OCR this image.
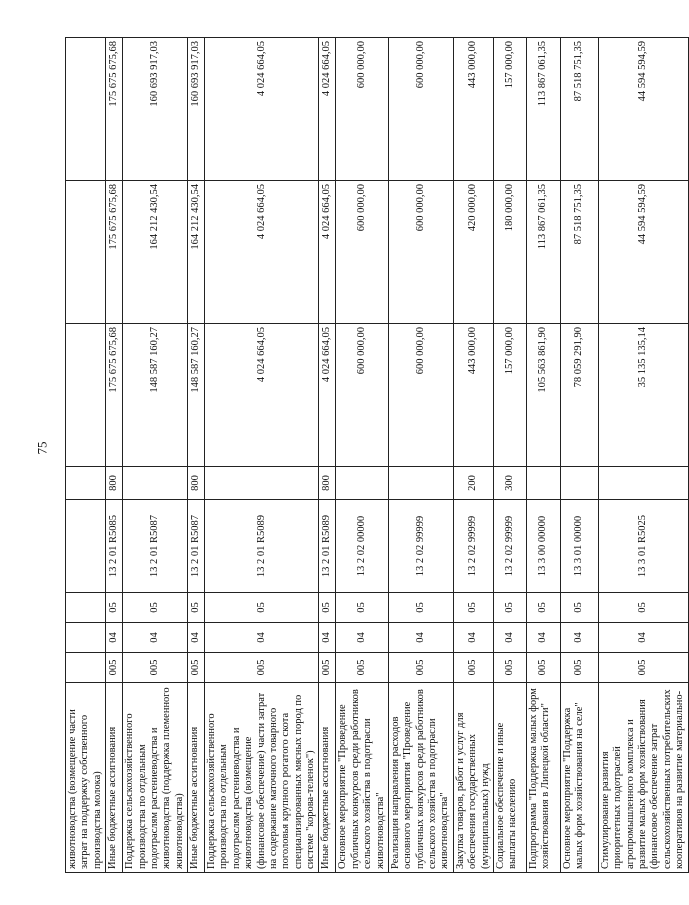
75
животноводства (возмещение части затрат на поддержку собственного производства молока)								
Иные бюджетные ассигнования	005	04	05	13 2 01 R5085	800	175 675 675,68	175 675 675,68	175 675 675,68
Поддержка сельскохозяйственного производства по отдельным подотраслям растениеводства и животноводства (поддержка племенного животноводства)	005	04	05	13 2 01 R5087		148 587 160,27	164 212 430,54	160 693 917,03
Иные бюджетные ассигнования	005	04	05	13 2 01 R5087	800	148 587 160,27	164 212 430,54	160 693 917,03
Поддержка сельскохозяйственного производства по отдельным подотраслям растениеводства и животноводства (возмещение (финансовое обеспечение) части затрат на содержание маточного товарного поголовья крупного рогатого скота специализированных мясных пород по системе "корова-теленок")	005	04	05	13 2 01 R5089		4 024 664,05	4 024 664,05	4 024 664,05
Иные бюджетные ассигнования	005	04	05	13 2 01 R5089	800	4 024 664,05	4 024 664,05	4 024 664,05
Основное мероприятие "Проведение публичных конкурсов среди работников сельского хозяйства в подотрасли животноводства"	005	04	05	13 2 02 00000		600 000,00	600 000,00	600 000,00
Реализация направления расходов основного мероприятия "Проведение публичных конкурсов среди работников сельского хозяйства в подотрасли животноводства"	005	04	05	13 2 02 99999		600 000,00	600 000,00	600 000,00
Закупка товаров, работ и услуг для обеспечения государственных (муниципальных) нужд	005	04	05	13 2 02 99999	200	443 000,00	420 000,00	443 000,00
Социальное обеспечение и иные выплаты населению	005	04	05	13 2 02 99999	300	157 000,00	180 000,00	157 000,00
Подпрограмма "Поддержка малых форм хозяйствования в Липецкой области"	005	04	05	13 3 00 00000		105 563 861,90	113 867 061,35	113 867 061,35
Основное мероприятие "Поддержка малых форм хозяйствования на селе"	005	04	05	13 3 01 00000		78 059 291,90	87 518 751,35	87 518 751,35
Стимулирование развития приоритетных подотраслей агропромышленного комплекса и развитие малых форм хозяйствования (финансовое обеспечение затрат сельскохозяйственных потребительских кооперативов на развитие материально-	005	04	05	13 3 01 R5025		35 135 135,14	44 594 594,59	44 594 594,59
